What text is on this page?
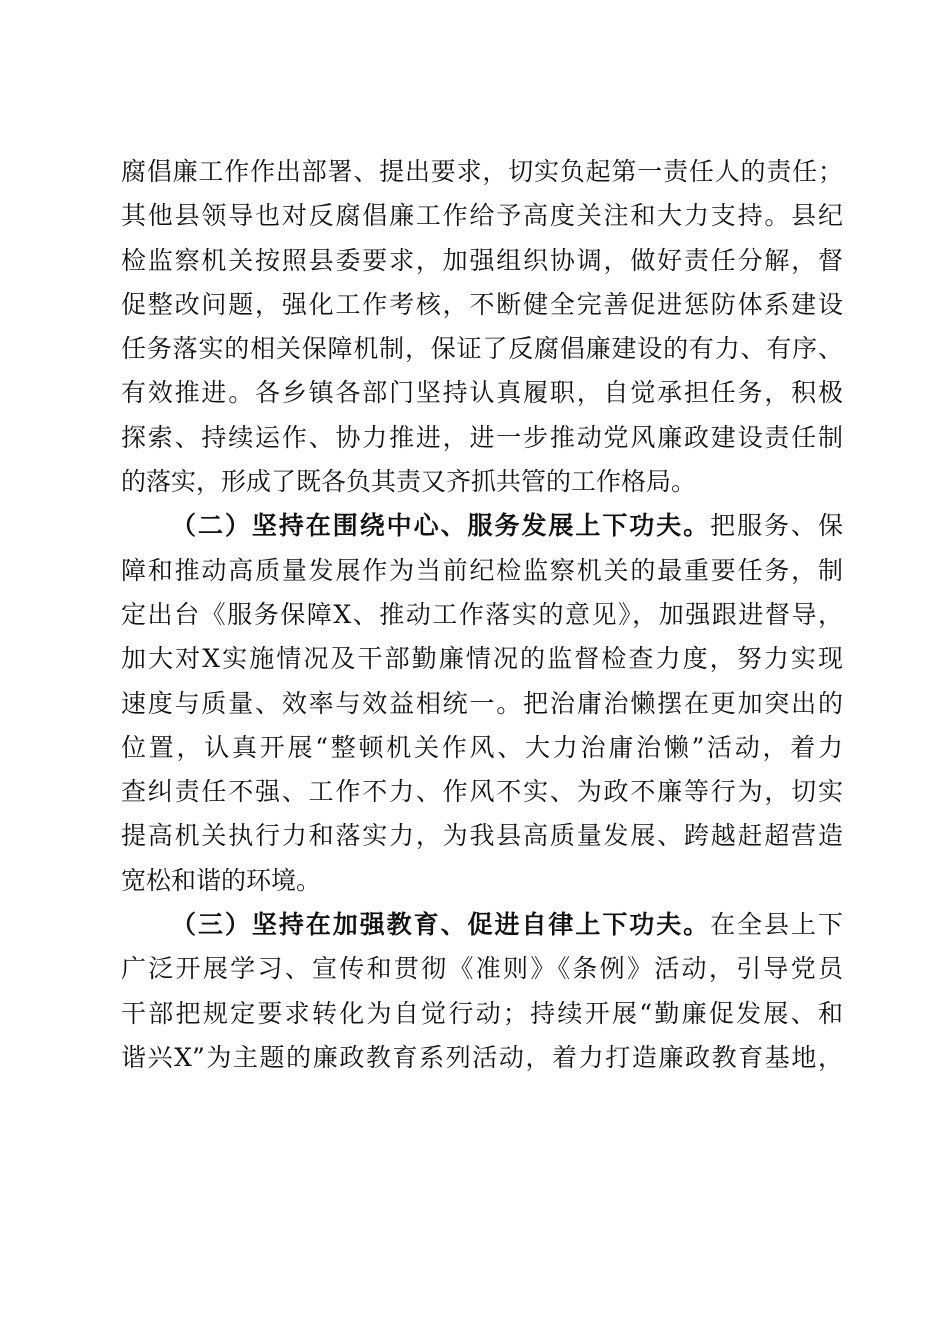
腐倡廉工作作出部署、提出要求，切实负起第一责任人的责任；
其他县领导也对反腐倡廉工作给予高度关注和大力支持。县纪
检监察机关按照县委要求，加强组织协调，做好责任分解，督
促整改问题，强化工作考核，不断健全完善促进惩防体系建设
任务落实的相关保障机制，保证了反腐倡廉建设的有力、有序、
有效推进。各乡镇各部门坚持认真履职，自觉承担任务，积极
探索、持续运作、协力推进，进一步推动党风廉政建设责任制
的落实，形成了既各负其责又齐抓共管的工作格局。
（二）坚持在围绕中心、服务发展上下功夫。把服务、保
障和推动高质量发展作为当前纪检监察机关的最重要任务，制
定出台《服务保障X、推动工作落实的意见》，加强跟进督导，
加大对X实施情况及干部勤廉情况的监督检查力度，努力实现
速度与质量、效率与效益相统一。把治庸治懒摆在更加突出的
位置，认真开展“整顿机关作风、大力治庸治懒”活动，着力
查纠责任不强、工作不力、作风不实、为政不廉等行为，切实
提高机关执行力和落实力，为我县高质量发展、跨越赶超营造
宽松和谐的环境。
（三）坚持在加强教育、促进自律上下功夫。在全县上下
广泛开展学习、宣传和贯彻《准则》《条例》活动，引导党员
干部把规定要求转化为自觉行动；持续开展“勤廉促发展、和
谐兴X”为主题的廉政教育系列活动，着力打造廉政教育基地，
